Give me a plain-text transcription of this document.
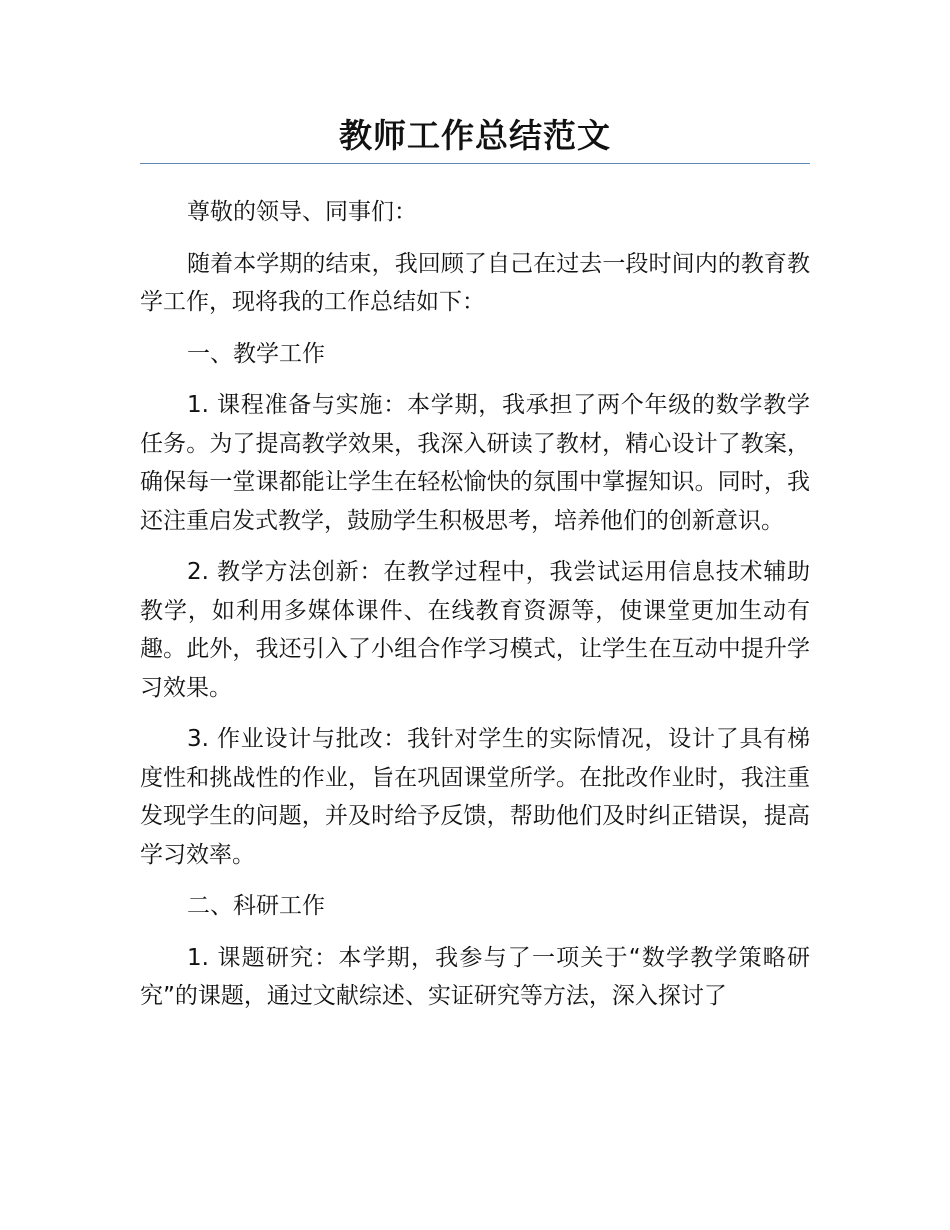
教师工作总结范文

尊敬的领导、同事们：

随着本学期的结束，我回顾了自己在过去一段时间内的教育教学工作，现将我的工作总结如下：

一、教学工作

1. 课程准备与实施：本学期，我承担了两个年级的数学教学任务。为了提高教学效果，我深入研读了教材，精心设计了教案，确保每一堂课都能让学生在轻松愉快的氛围中掌握知识。同时，我还注重启发式教学，鼓励学生积极思考，培养他们的创新意识。

2. 教学方法创新：在教学过程中，我尝试运用信息技术辅助教学，如利用多媒体课件、在线教育资源等，使课堂更加生动有趣。此外，我还引入了小组合作学习模式，让学生在互动中提升学习效果。

3. 作业设计与批改：我针对学生的实际情况，设计了具有梯度性和挑战性的作业，旨在巩固课堂所学。在批改作业时，我注重发现学生的问题，并及时给予反馈，帮助他们及时纠正错误，提高学习效率。

二、科研工作

1. 课题研究：本学期，我参与了一项关于“数学教学策略研究”的课题，通过文献综述、实证研究等方法，深入探讨了
